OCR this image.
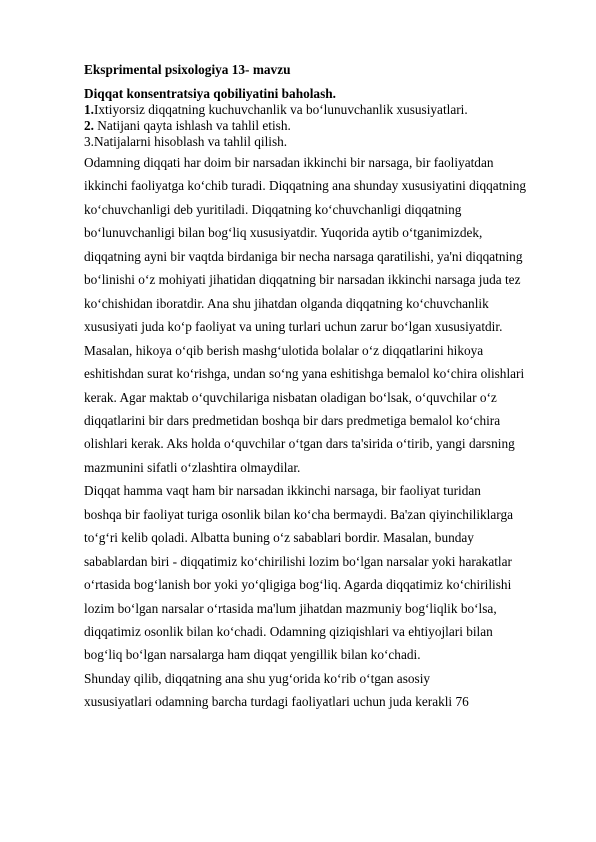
Eksprimental psixologiya 13- mavzu
Diqqat konsentratsiya qobiliyatini baholash.
1.Ixtiyorsiz diqqatning kuchuvchanlik va bo‘lunuvchanlik xususiyatlari.
2. Natijani qayta ishlash va tahlil etish.
3.Natijalarni hisoblash va tahlil qilish.
Odamning diqqati har doim bir narsadan ikkinchi bir narsaga, bir faoliyatdan
ikkinchi faoliyatga ko‘chib turadi. Diqqatning ana shunday xususiyatini diqqatning
ko‘chuvchanligi deb yuritiladi. Diqqatning ko‘chuvchanligi diqqatning
bo‘lunuvchanligi bilan bog‘liq xususiyatdir. Yuqorida aytib o‘tganimizdek,
diqqatning ayni bir vaqtda birdaniga bir necha narsaga qaratilishi, ya'ni diqqatning
bo‘linishi o‘z mohiyati jihatidan diqqatning bir narsadan ikkinchi narsaga juda tez
ko‘chishidan iboratdir. Ana shu jihatdan olganda diqqatning ko‘chuvchanlik
xususiyati juda ko‘p faoliyat va uning turlari uchun zarur bo‘lgan xususiyatdir.
Masalan, hikoya o‘qib berish mashg‘ulotida bolalar o‘z diqqatlarini hikoya
eshitishdan surat ko‘rishga, undan so‘ng yana eshitishga bemalol ko‘chira olishlari
kerak. Agar maktab o‘quvchilariga nisbatan oladigan bo‘lsak, o‘quvchilar o‘z
diqqatlarini bir dars predmetidan boshqa bir dars predmetiga bemalol ko‘chira
olishlari kerak. Aks holda o‘quvchilar o‘tgan dars ta'sirida o‘tirib, yangi darsning
mazmunini sifatli o‘zlashtira olmaydilar.
Diqqat hamma vaqt ham bir narsadan ikkinchi narsaga, bir faoliyat turidan
boshqa bir faoliyat turiga osonlik bilan ko‘cha bermaydi. Ba'zan qiyinchiliklarga
to‘g‘ri kelib qoladi. Albatta buning o‘z sabablari bordir. Masalan, bunday
sabablardan biri - diqqatimiz ko‘chirilishi lozim bo‘lgan narsalar yoki harakatlar
o‘rtasida bog‘lanish bor yoki yo‘qligiga bog‘liq. Agarda diqqatimiz ko‘chirilishi
lozim bo‘lgan narsalar o‘rtasida ma'lum jihatdan mazmuniy bog‘liqlik bo‘lsa,
diqqatimiz osonlik bilan ko‘chadi. Odamning qiziqishlari va ehtiyojlari bilan
bog‘liq bo‘lgan narsalarga ham diqqat yengillik bilan ko‘chadi.
Shunday qilib, diqqatning ana shu yug‘orida ko‘rib o‘tgan asosiy
xususiyatlari odamning barcha turdagi faoliyatlari uchun juda kerakli 76
